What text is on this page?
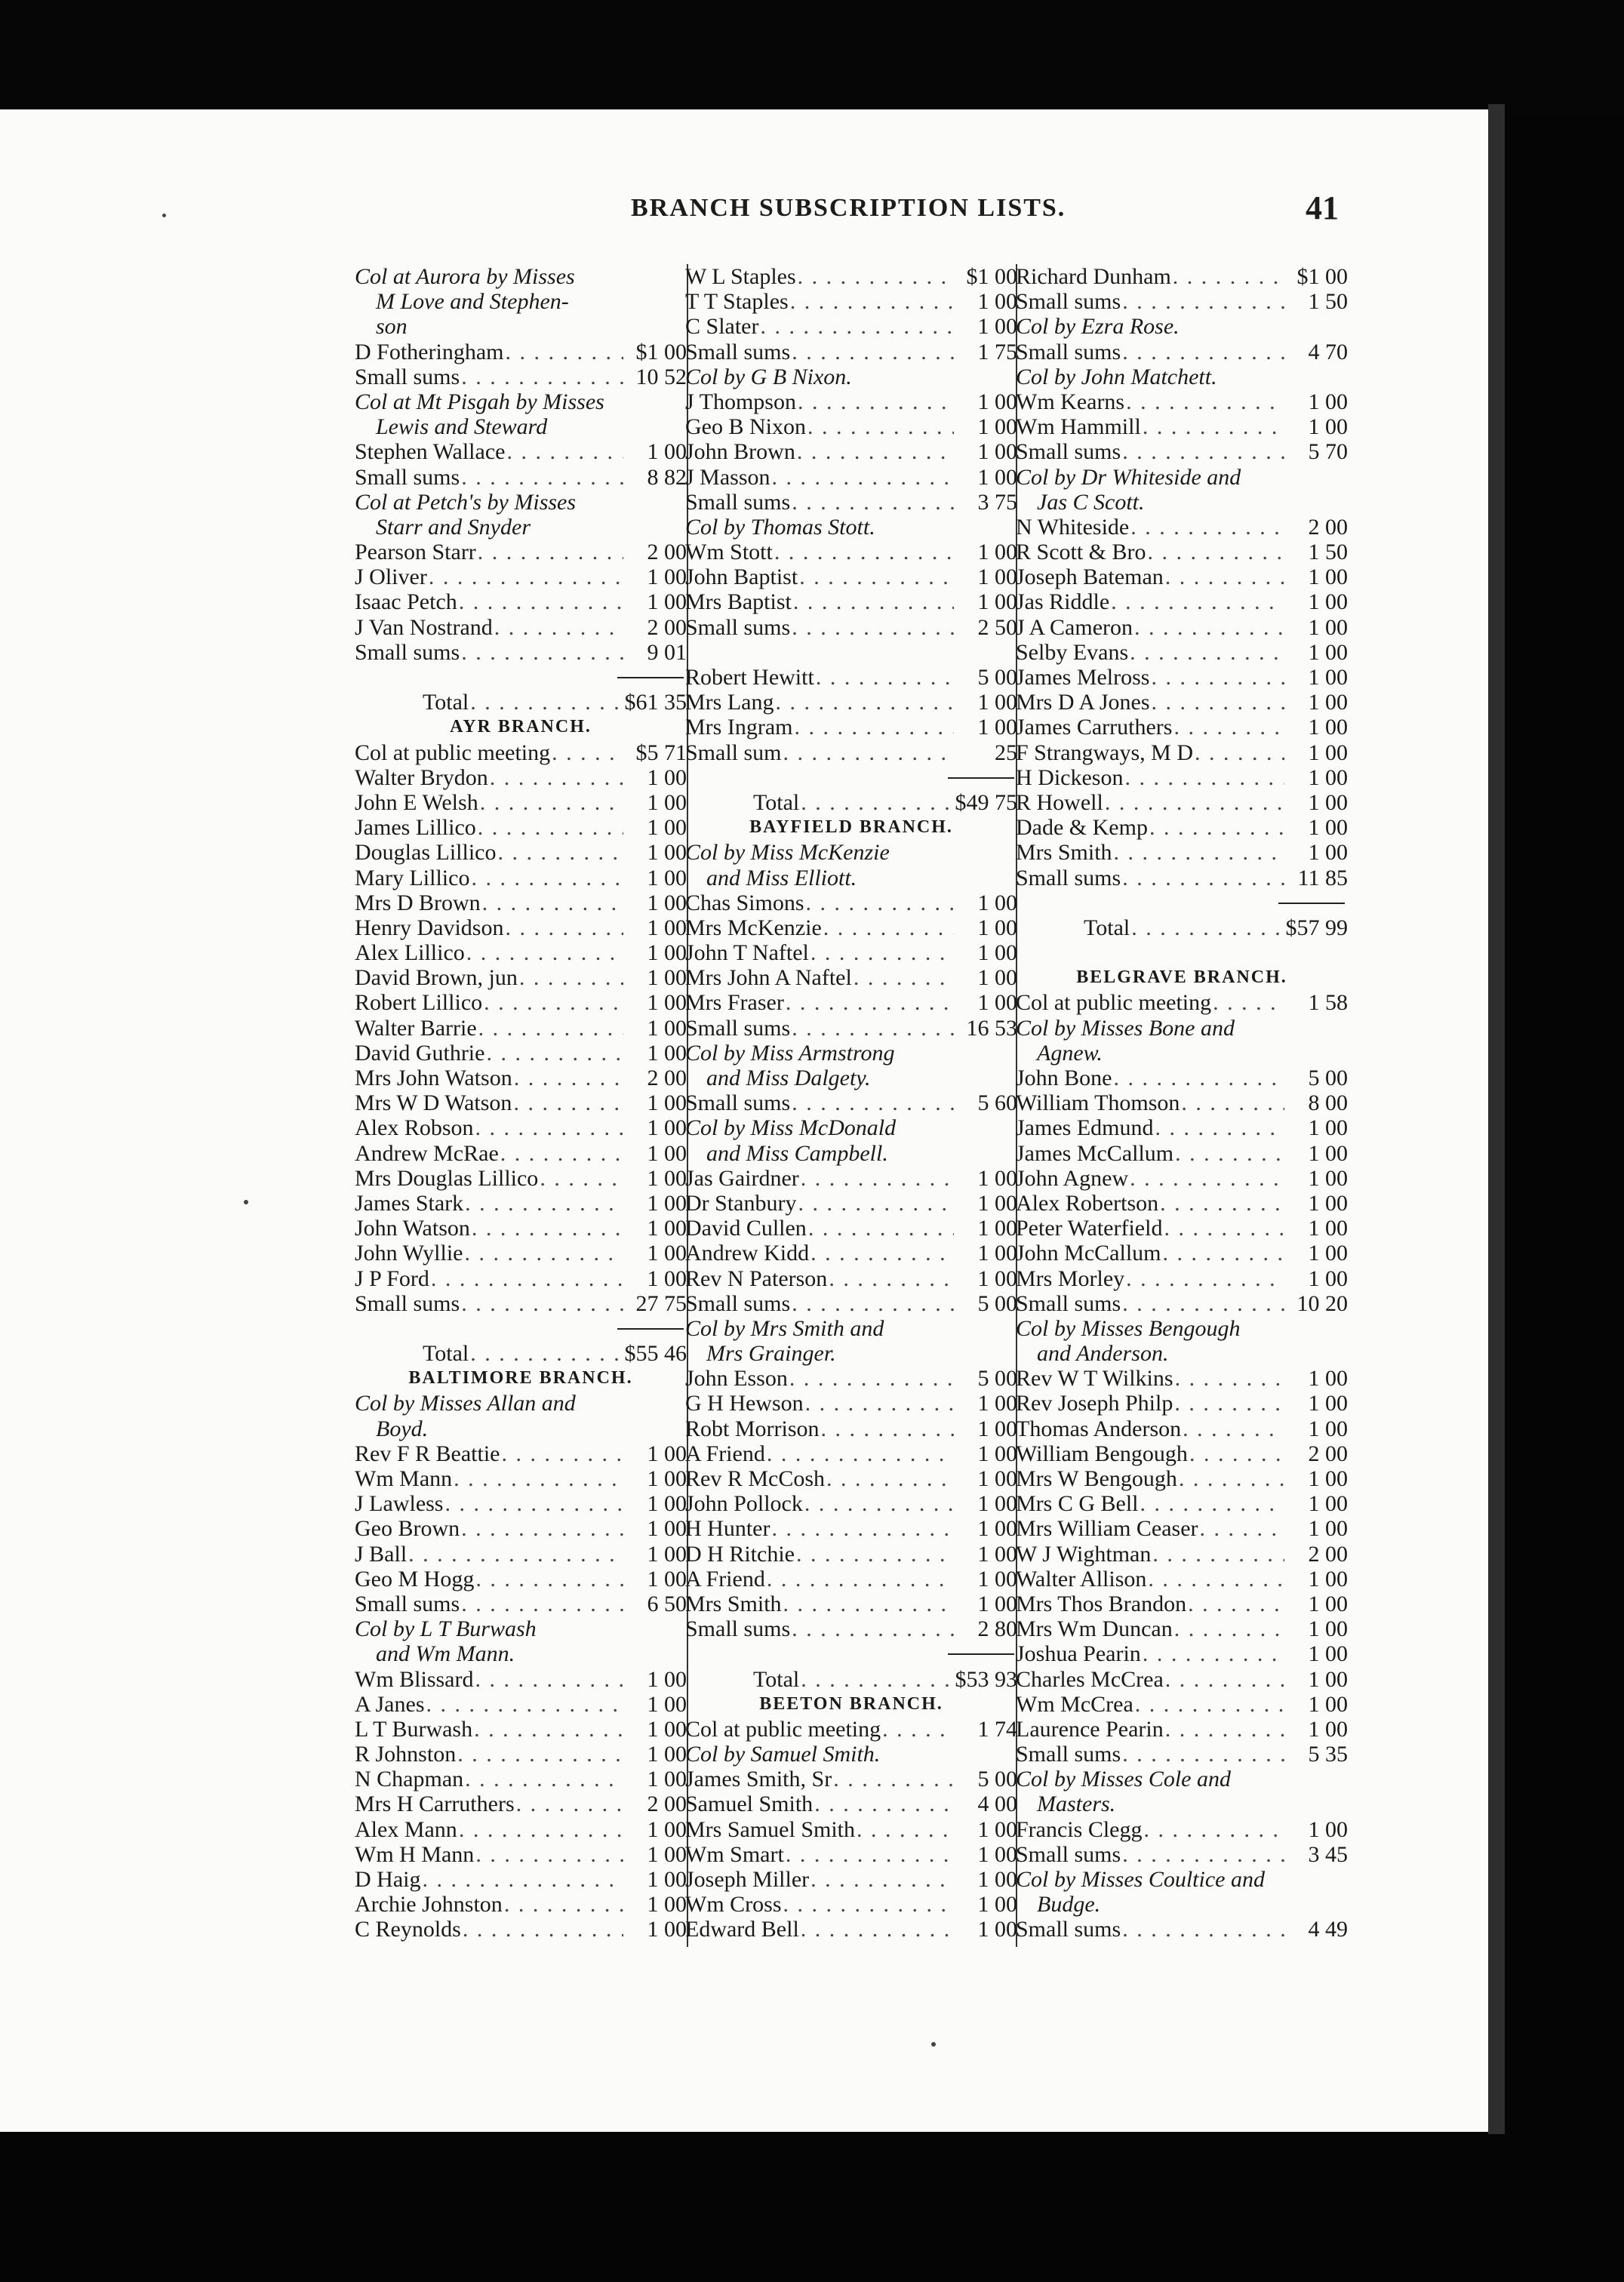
BRANCH SUBSCRIPTION LISTS.	41
Col at Aurora by Misses
M Love and Stephen-
son
D Fotheringham . . .	$1 00
Small sums . . .	10 52
Col at Mt Pisgah by Misses
Lewis and Steward
Stephen Wallace . . .	1 00
Small sums . . .	8 82
Col at Petch's by Misses
Starr and Snyder
Pearson Starr . . .	2 00
J Oliver . . .	1 00
Isaac Petch . . .	1 00
J Van Nostrand . . .	2 00
Small sums . . .	9 01
Total . . .	$61 35
AYR BRANCH.
Col at public meeting . . .	$5 71
Walter Brydon . . .	1 00
John E Welsh . . .	1 00
James Lillico . . .	1 00
Douglas Lillico . . .	1 00
Mary Lillico . . .	1 00
Mrs D Brown . . .	1 00
Henry Davidson . . .	1 00
Alex Lillico . . .	1 00
David Brown, jun . . .	1 00
Robert Lillico . . .	1 00
Walter Barrie . . .	1 00
David Guthrie . . .	1 00
Mrs John Watson . . .	2 00
Mrs W D Watson . . .	1 00
Alex Robson . . .	1 00
Andrew McRae . . .	1 00
Mrs Douglas Lillico . . .	1 00
James Stark . . .	1 00
John Watson . . .	1 00
John Wyllie . . .	1 00
J P Ford . . .	1 00
Small sums . . .	27 75
Total . . .	$55 46
BALTIMORE BRANCH.
Col by Misses Allan and
Boyd.
Rev F R Beattie . . .	1 00
Wm Mann . . .	1 00
J Lawless . . .	1 00
Geo Brown . . .	1 00
J Ball . . .	1 00
Geo M Hogg . . .	1 00
Small sums . . .	6 50
Col by L T Burwash
and Wm Mann.
Wm Blissard . . .	1 00
A Janes . . .	1 00
L T Burwash . . .	1 00
R Johnston . . .	1 00
N Chapman . . .	1 00
Mrs H Carruthers . . .	2 00
Alex Mann . . .	1 00
Wm H Mann . . .	1 00
D Haig . . .	1 00
Archie Johnston . . .	1 00
C Reynolds . . .	1 00
W L Staples . . .	$1 00
T T Staples . . .	1 00
C Slater . . .	1 00
Small sums . . .	1 75
Col by G B Nixon.
J Thompson . . .	1 00
Geo B Nixon . . .	1 00
John Brown . . .	1 00
J Masson . . .	1 00
Small sums . . .	3 75
Col by Thomas Stott.
Wm Stott . . .	1 00
John Baptist . . .	1 00
Mrs Baptist . . .	1 00
Small sums . . .	2 50
Robert Hewitt . . .	5 00
Mrs Lang . . .	1 00
Mrs Ingram . . .	1 00
Small sum . . .	25
Total . . .	$49 75
BAYFIELD BRANCH.
Col by Miss McKenzie
and Miss Elliott.
Chas Simons . . .	1 00
Mrs McKenzie . . .	1 00
John T Naftel . . .	1 00
Mrs John A Naftel . . .	1 00
Mrs Fraser . . .	1 00
Small sums . . .	16 53
Col by Miss Armstrong
and Miss Dalgety.
Small sums . . .	5 60
Col by Miss McDonald
and Miss Campbell.
Jas Gairdner . . .	1 00
Dr Stanbury . . .	1 00
David Cullen . . .	1 00
Andrew Kidd . . .	1 00
Rev N Paterson . . .	1 00
Small sums . . .	5 00
Col by Mrs Smith and
Mrs Grainger.
John Esson . . .	5 00
G H Hewson . . .	1 00
Robt Morrison . . .	1 00
A Friend . . .	1 00
Rev R McCosh . . .	1 00
John Pollock . . .	1 00
H Hunter . . .	1 00
D H Ritchie . . .	1 00
A Friend . . .	1 00
Mrs Smith . . .	1 00
Small sums . . .	2 80
Total . . .	$53 93
BEETON BRANCH.
Col at public meeting . . .	1 74
Col by Samuel Smith.
James Smith, Sr . . .	5 00
Samuel Smith . . .	4 00
Mrs Samuel Smith . . .	1 00
Wm Smart . . .	1 00
Joseph Miller . . .	1 00
Wm Cross . . .	1 00
Edward Bell . . .	1 00
Richard Dunham . . .	$1 00
Small sums . . .	1 50
Col by Ezra Rose.
Small sums . . .	4 70
Col by John Matchett.
Wm Kearns . . .	1 00
Wm Hammill . . .	1 00
Small sums . . .	5 70
Col by Dr Whiteside and
Jas C Scott.
N Whiteside . . .	2 00
R Scott & Bro . . .	1 50
Joseph Bateman . . .	1 00
Jas Riddle . . .	1 00
J A Cameron . . .	1 00
Selby Evans . . .	1 00
James Melross . . .	1 00
Mrs D A Jones . . .	1 00
James Carruthers . . .	1 00
F Strangways, M D . . .	1 00
H Dickeson . . .	1 00
R Howell . . .	1 00
Dade & Kemp . . .	1 00
Mrs Smith . . .	1 00
Small sums . . .	11 85
Total . . .	$57 99
BELGRAVE BRANCH.
Col at public meeting . . .	1 58
Col by Misses Bone and
Agnew.
John Bone . . .	5 00
William Thomson . . .	8 00
James Edmund . . .	1 00
James McCallum . . .	1 00
John Agnew . . .	1 00
Alex Robertson . . .	1 00
Peter Waterfield . . .	1 00
John McCallum . . .	1 00
Mrs Morley . . .	1 00
Small sums . . .	10 20
Col by Misses Bengough
and Anderson.
Rev W T Wilkins . . .	1 00
Rev Joseph Philp . . .	1 00
Thomas Anderson . . .	1 00
William Bengough . . .	2 00
Mrs W Bengough . . .	1 00
Mrs C G Bell . . .	1 00
Mrs William Ceaser . . .	1 00
W J Wightman . . .	2 00
Walter Allison . . .	1 00
Mrs Thos Brandon . . .	1 00
Mrs Wm Duncan . . .	1 00
Joshua Pearin . . .	1 00
Charles McCrea . . .	1 00
Wm McCrea . . .	1 00
Laurence Pearin . . .	1 00
Small sums . . .	5 35
Col by Misses Cole and
Masters.
Francis Clegg . . .	1 00
Small sums . . .	3 45
Col by Misses Coultice and
Budge.
Small sums . . .	4 49
